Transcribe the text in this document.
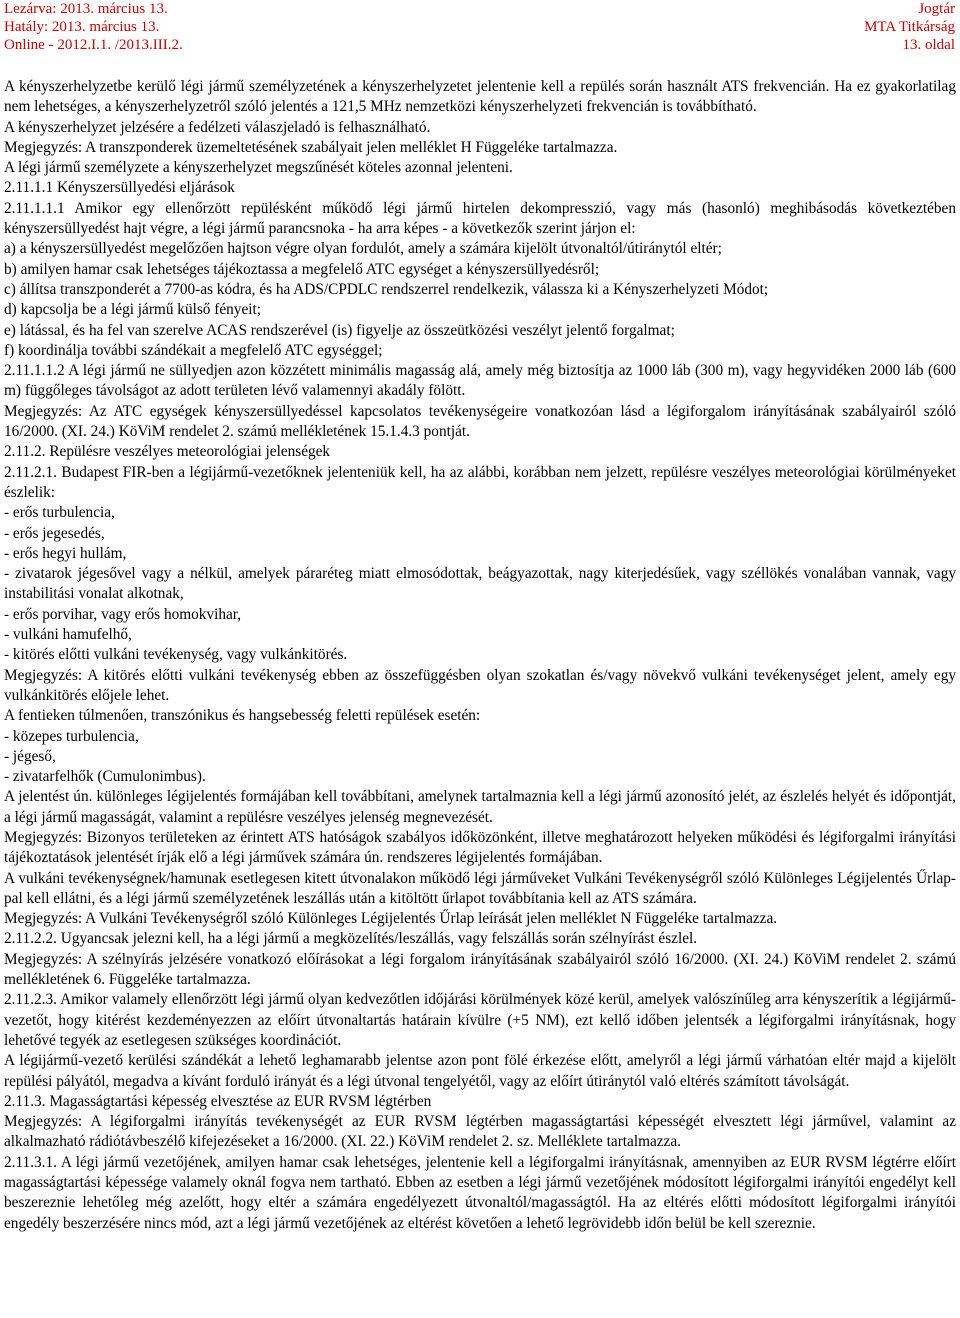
Lezárva: 2013. március 13.
Hatály: 2013. március 13.
Online - 2012.I.1. /2013.III.2.
Jogtár
MTA Titkárság
13. oldal

A kényszerhelyzetbe kerülő légi jármű személyzetének a kényszerhelyzetet jelentenie kell a repülés során használt ATS frekvencián. Ha ez gyakorlatilag nem lehetséges, a kényszerhelyzetről szóló jelentés a 121,5 MHz nemzetközi kényszerhelyzeti frekvencián is továbbítható.

A kényszerhelyzet jelzésére a fedélzeti válaszjeladó is felhasználható.

Megjegyzés: A transzponderek üzemeltetésének szabályait jelen melléklet H Függeléke tartalmazza.

A légi jármű személyzete a kényszerhelyzet megszűnését köteles azonnal jelenteni.

2.11.1.1 Kényszersüllyedési eljárások

2.11.1.1.1 Amikor egy ellenőrzött repülésként működő légi jármű hirtelen dekompresszió, vagy más (hasonló) meghibásodás következtében kényszersüllyedést hajt végre, a légi jármű parancsnoka - ha arra képes - a következők szerint járjon el:

a) a kényszersüllyedést megelőzően hajtson végre olyan fordulót, amely a számára kijelölt útvonaltól/útiránytól eltér;

b) amilyen hamar csak lehetséges tájékoztassa a megfelelő ATC egységet a kényszersüllyedésről;

c) állítsa transzponderét a 7700-as kódra, és ha ADS/CPDLC rendszerrel rendelkezik, válassza ki a Kényszerhelyzeti Módot;

d) kapcsolja be a légi jármű külső fényeit;

e) látással, és ha fel van szerelve ACAS rendszerével (is) figyelje az összeütközési veszélyt jelentő forgalmat;

f) koordinálja további szándékait a megfelelő ATC egységgel;

2.11.1.1.2 A légi jármű ne süllyedjen azon közzétett minimális magasság alá, amely még biztosítja az 1000 láb (300 m), vagy hegyvidéken 2000 láb (600 m) függőleges távolságot az adott területen lévő valamennyi akadály fölött.

Megjegyzés: Az ATC egységek kényszersüllyedéssel kapcsolatos tevékenységeire vonatkozóan lásd a légiforgalom irányításának szabályairól szóló 16/2000. (XI. 24.) KöViM rendelet 2. számú mellékletének 15.1.4.3 pontját.

2.11.2. Repülésre veszélyes meteorológiai jelenségek

2.11.2.1. Budapest FIR-ben a légijármű-vezetőknek jelenteniük kell, ha az alábbi, korábban nem jelzett, repülésre veszélyes meteorológiai körülményeket észlelik:

- erős turbulencia,

- erős jegesedés,

- erős hegyi hullám,

- zivatarok jégesővel vagy a nélkül, amelyek páraréteg miatt elmosódottak, beágyazottak, nagy kiterjedésűek, vagy széllökés vonalában vannak, vagy instabilitási vonalat alkotnak,

- erős porvihar, vagy erős homokvihar,

- vulkáni hamufelhő,

- kitörés előtti vulkáni tevékenység, vagy vulkánkitörés.

Megjegyzés: A kitörés előtti vulkáni tevékenység ebben az összefüggésben olyan szokatlan és/vagy növekvő vulkáni tevékenységet jelent, amely egy vulkánkitörés előjele lehet.

A fentieken túlmenően, transzónikus és hangsebesség feletti repülések esetén:

- közepes turbulencia,

- jégeső,

- zivatarfelhők (Cumulonimbus).

A jelentést ún. különleges légijelentés formájában kell továbbítani, amelynek tartalmaznia kell a légi jármű azonosító jelét, az észlelés helyét és időpontját, a légi jármű magasságát, valamint a repülésre veszélyes jelenség megnevezését.

Megjegyzés: Bizonyos területeken az érintett ATS hatóságok szabályos időközönként, illetve meghatározott helyeken működési és légiforgalmi irányítási tájékoztatások jelentését írják elő a légi járművek számára ún. rendszeres légijelentés formájában.

A vulkáni tevékenységnek/hamunak esetlegesen kitett útvonalakon működő légi járműveket Vulkáni Tevékenységről szóló Különleges Légijelentés Űrlap-pal kell ellátni, és a légi jármű személyzetének leszállás után a kitöltött űrlapot továbbítania kell az ATS számára.

Megjegyzés: A Vulkáni Tevékenységről szóló Különleges Légijelentés Űrlap leírását jelen melléklet N Függeléke tartalmazza.

2.11.2.2. Ugyancsak jelezni kell, ha a légi jármű a megközelítés/leszállás, vagy felszállás során szélnyírást észlel.

Megjegyzés: A szélnyírás jelzésére vonatkozó előírásokat a légi forgalom irányításának szabályairól szóló 16/2000. (XI. 24.) KöViM rendelet 2. számú mellékletének 6. Függeléke tartalmazza.

2.11.2.3. Amikor valamely ellenőrzött légi jármű olyan kedvezőtlen időjárási körülmények közé kerül, amelyek valószínűleg arra kényszerítik a légijármű-vezetőt, hogy kitérést kezdeményezzen az előírt útvonaltartás határain kívülre (+5 NM), ezt kellő időben jelentsék a légiforgalmi irányításnak, hogy lehetővé tegyék az esetlegesen szükséges koordinációt.

A légijármű-vezető kerülési szándékát a lehető leghamarabb jelentse azon pont fölé érkezése előtt, amelyről a légi jármű várhatóan eltér majd a kijelölt repülési pályától, megadva a kívánt forduló irányát és a légi útvonal tengelyétől, vagy az előírt útiránytól való eltérés számított távolságát.

2.11.3. Magasságtartási képesség elvesztése az EUR RVSM légtérben

Megjegyzés: A légiforgalmi irányítás tevékenységét az EUR RVSM légtérben magasságtartási képességét elvesztett légi járművel, valamint az alkalmazható rádiótávbeszélő kifejezéseket a 16/2000. (XI. 22.) KöViM rendelet 2. sz. Melléklete tartalmazza.

2.11.3.1. A légi jármű vezetőjének, amilyen hamar csak lehetséges, jelentenie kell a légiforgalmi irányításnak, amennyiben az EUR RVSM légtérre előírt magasságtartási képessége valamely oknál fogva nem tartható. Ebben az esetben a légi jármű vezetőjének módosított légiforgalmi irányítói engedélyt kell beszereznie lehetőleg még azelőtt, hogy eltér a számára engedélyezett útvonaltól/magasságtól. Ha az eltérés előtti módosított légiforgalmi irányítói engedély beszerzésére nincs mód, azt a légi jármű vezetőjének az eltérést követően a lehető legrövidebb időn belül be kell szereznie.
